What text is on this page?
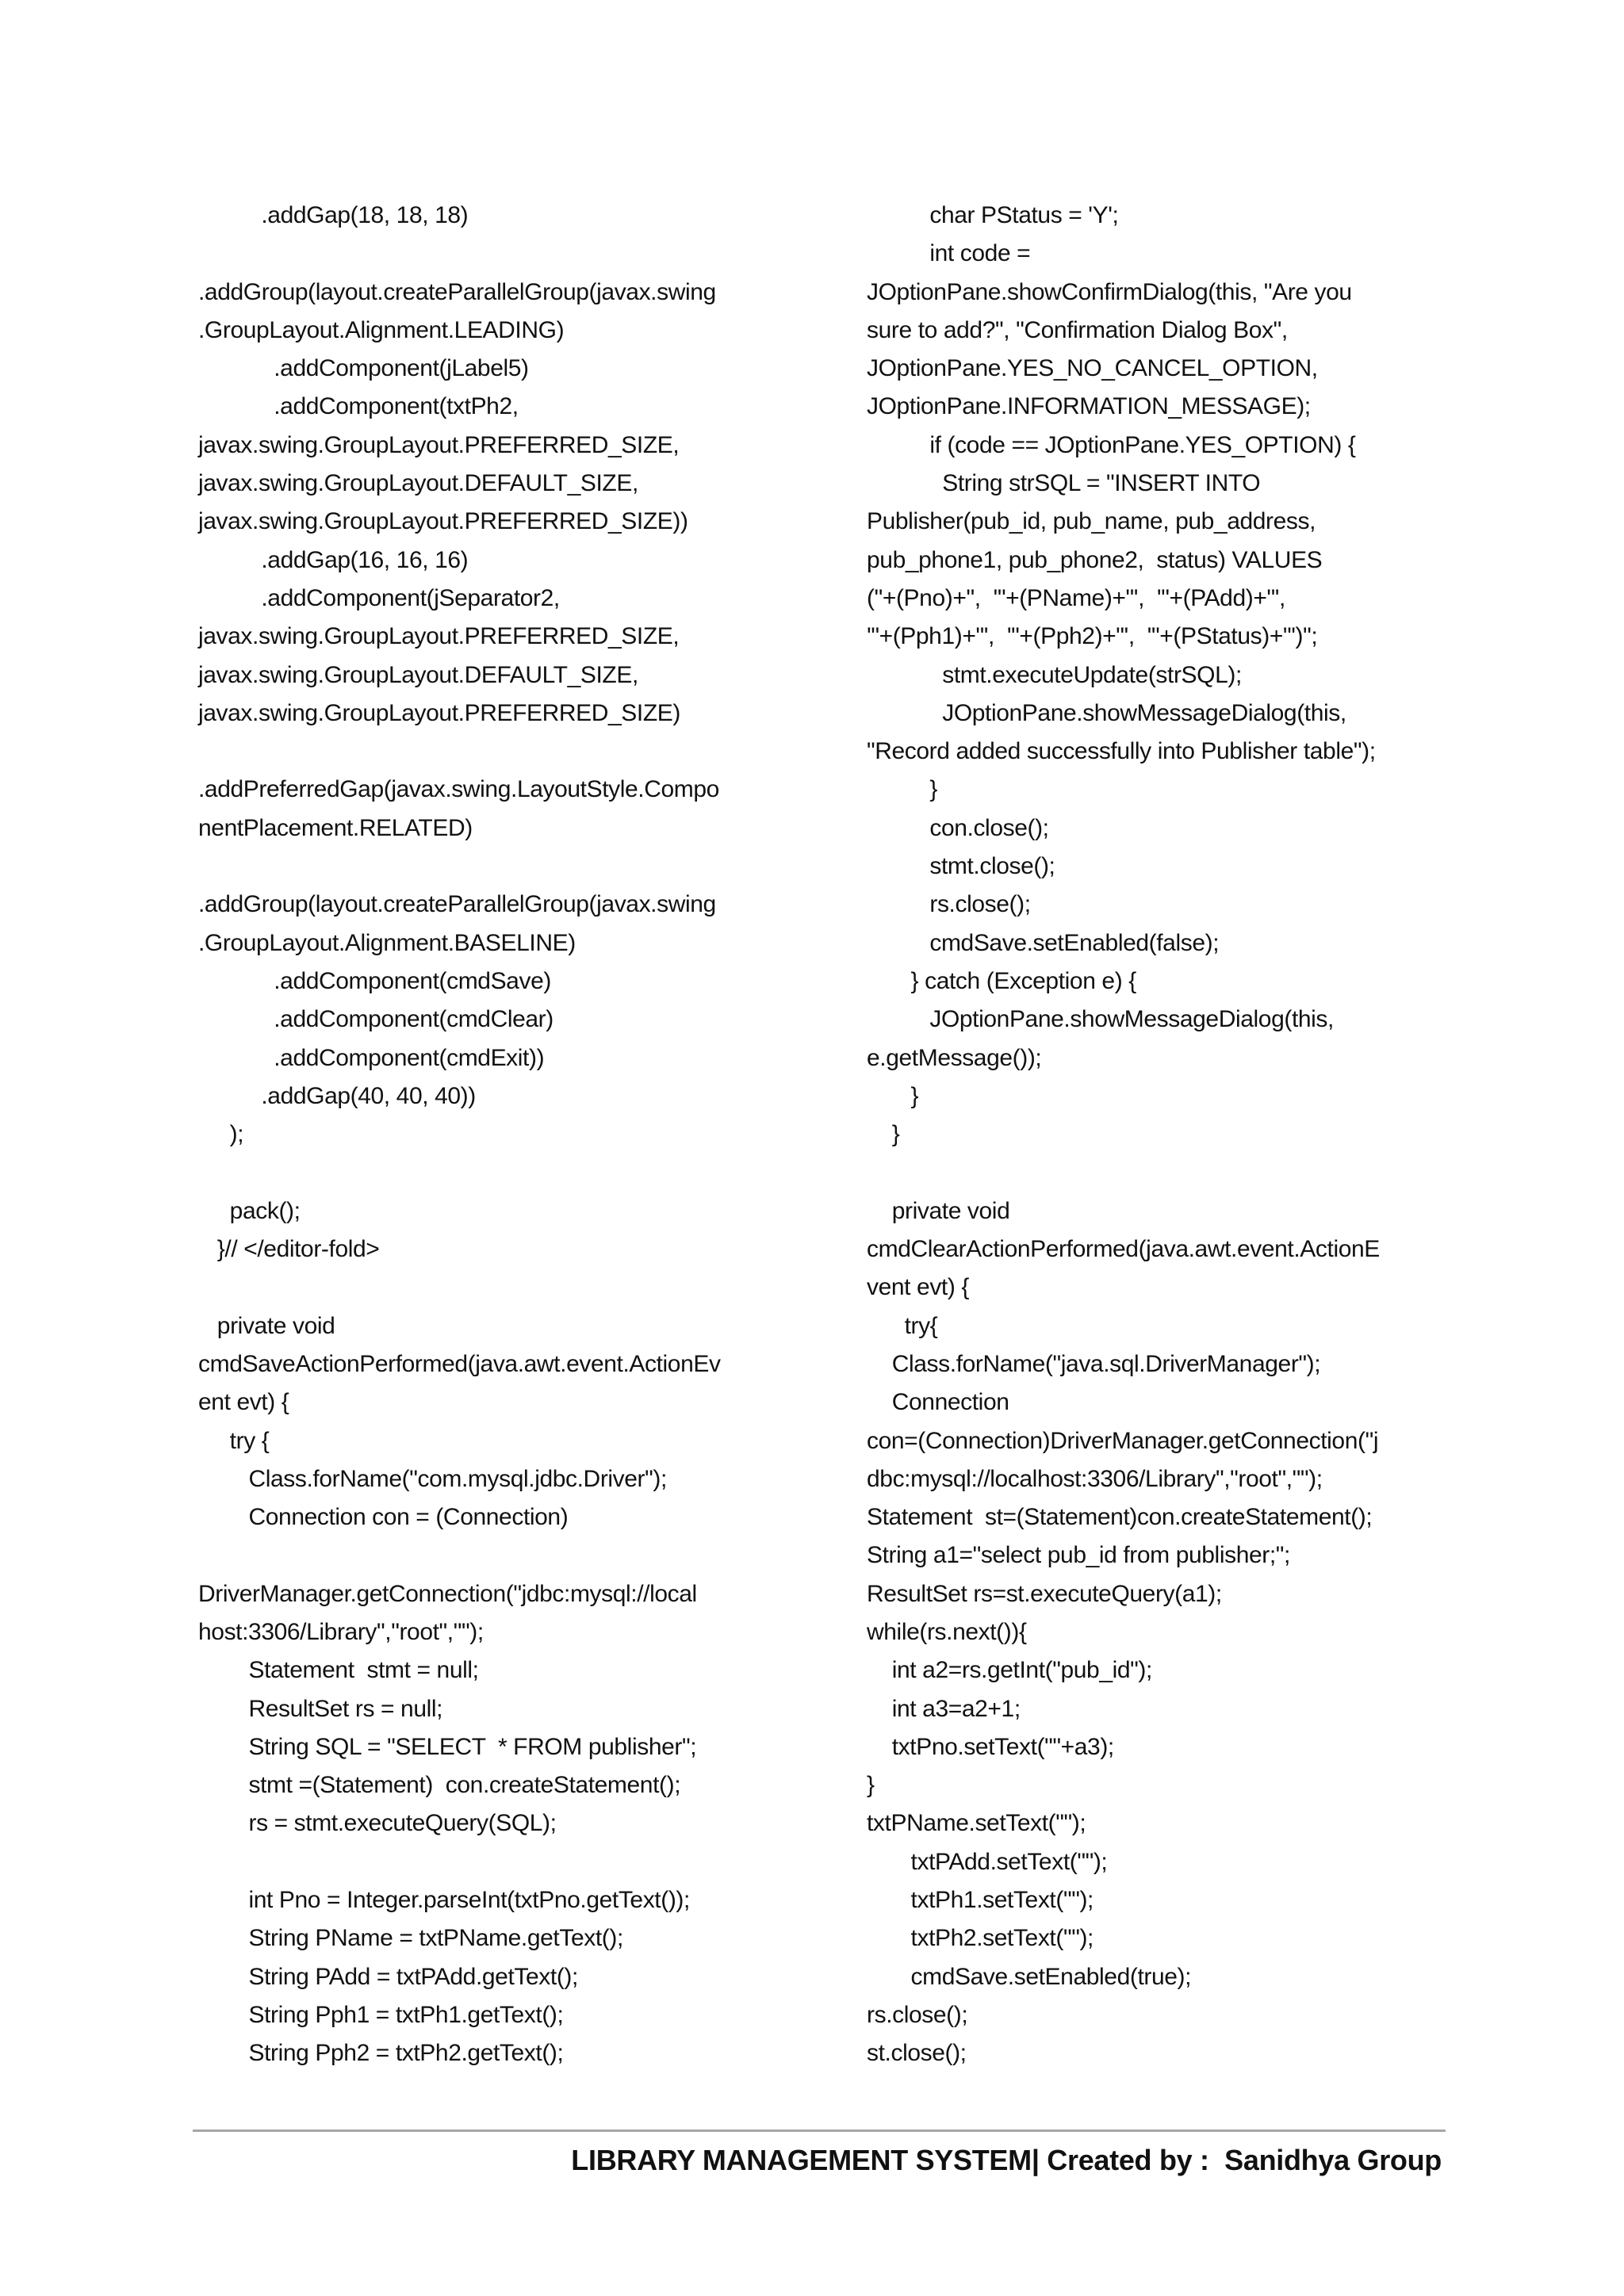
.addGap(18, 18, 18)
.addGroup(layout.createParallelGroup(javax.swing
.GroupLayout.Alignment.LEADING)
.addComponent(jLabel5)
.addComponent(txtPh2,
javax.swing.GroupLayout.PREFERRED_SIZE,
javax.swing.GroupLayout.DEFAULT_SIZE,
javax.swing.GroupLayout.PREFERRED_SIZE))
.addGap(16, 16, 16)
.addComponent(jSeparator2,
javax.swing.GroupLayout.PREFERRED_SIZE,
javax.swing.GroupLayout.DEFAULT_SIZE,
javax.swing.GroupLayout.PREFERRED_SIZE)
.addPreferredGap(javax.swing.LayoutStyle.Compo
nentPlacement.RELATED)
.addGroup(layout.createParallelGroup(javax.swing
.GroupLayout.Alignment.BASELINE)
.addComponent(cmdSave)
.addComponent(cmdClear)
.addComponent(cmdExit))
.addGap(40, 40, 40))
);
pack();
}// </editor-fold>
private void
cmdSaveActionPerformed(java.awt.event.ActionEv
ent evt) {
try {
Class.forName("com.mysql.jdbc.Driver");
Connection con = (Connection)
DriverManager.getConnection("jdbc:mysql://local
host:3306/Library","root","");
Statement  stmt = null;
ResultSet rs = null;
String SQL = "SELECT  * FROM publisher";
stmt =(Statement)  con.createStatement();
rs = stmt.executeQuery(SQL);
int Pno = Integer.parseInt(txtPno.getText());
String PName = txtPName.getText();
String PAdd = txtPAdd.getText();
String Pph1 = txtPh1.getText();
String Pph2 = txtPh2.getText();
char PStatus = 'Y';
int code =
JOptionPane.showConfirmDialog(this, "Are you
sure to add?", "Confirmation Dialog Box",
JOptionPane.YES_NO_CANCEL_OPTION,
JOptionPane.INFORMATION_MESSAGE);
if (code == JOptionPane.YES_OPTION) {
String strSQL = "INSERT INTO
Publisher(pub_id, pub_name, pub_address,
pub_phone1, pub_phone2,  status) VALUES
("+(Pno)+",  '"+(PName)+"',  '"+(PAdd)+"',
'"+(Pph1)+"',  '"+(Pph2)+"',  '"+(PStatus)+"')";
stmt.executeUpdate(strSQL);
JOptionPane.showMessageDialog(this,
"Record added successfully into Publisher table");
}
con.close();
stmt.close();
rs.close();
cmdSave.setEnabled(false);
} catch (Exception e) {
JOptionPane.showMessageDialog(this,
e.getMessage());
}
}
private void
cmdClearActionPerformed(java.awt.event.ActionE
vent evt) {
try{
Class.forName("java.sql.DriverManager");
Connection
con=(Connection)DriverManager.getConnection("j
dbc:mysql://localhost:3306/Library","root","");
Statement  st=(Statement)con.createStatement();
String a1="select pub_id from publisher;";
ResultSet rs=st.executeQuery(a1);
while(rs.next()){
int a2=rs.getInt("pub_id");
int a3=a2+1;
txtPno.setText(""+a3);
}
txtPName.setText("");
txtPAdd.setText("");
txtPh1.setText("");
txtPh2.setText("");
cmdSave.setEnabled(true);
rs.close();
st.close();
LIBRARY MANAGEMENT SYSTEM| Created by :  Sanidhya Group
